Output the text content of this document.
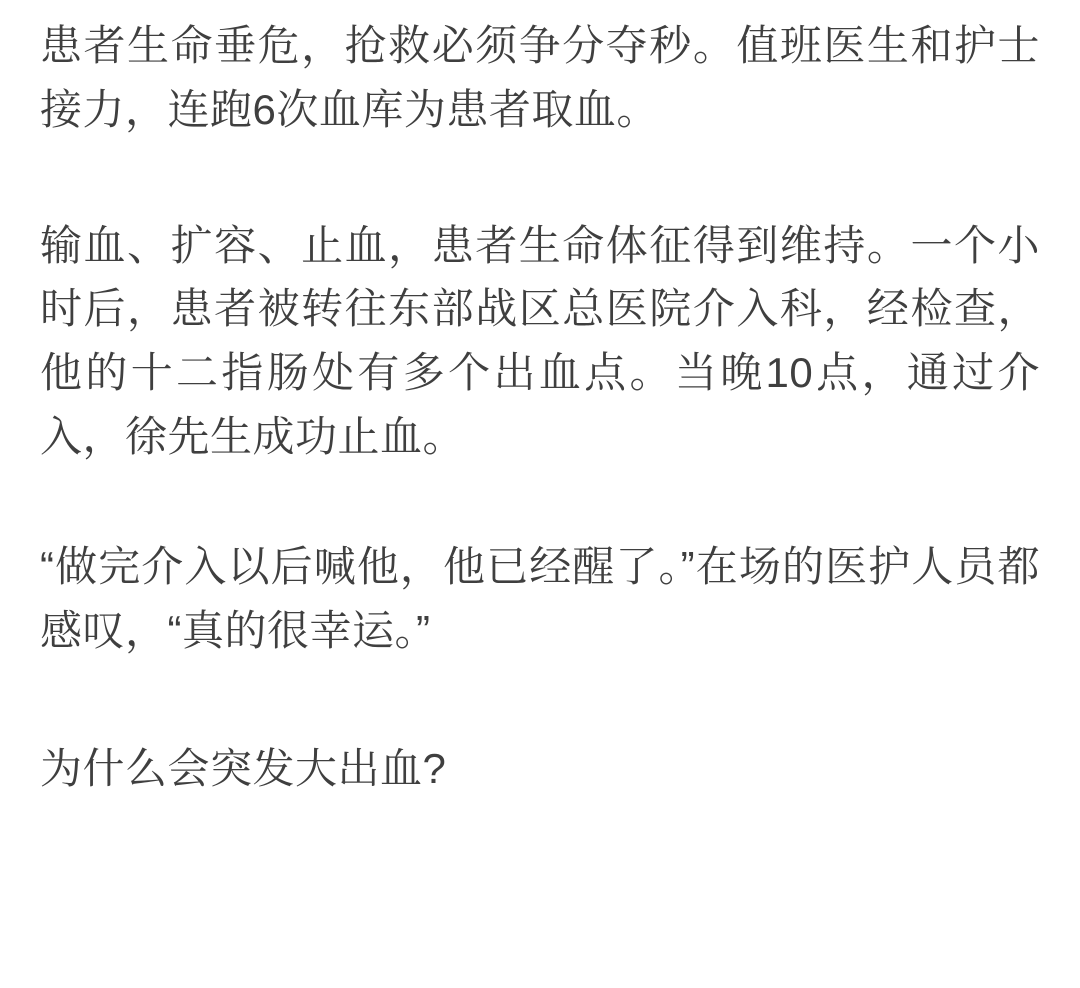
患者生命垂危，抢救必须争分夺秒。值班医生和护士接力，连跑6次血库为患者取血。

输血、扩容、止血，患者生命体征得到维持。一个小时后，患者被转往东部战区总医院介入科，经检查，他的十二指肠处有多个出血点。当晚10点，通过介入，徐先生成功止血。

“做完介入以后喊他，他已经醒了。”在场的医护人员都感叹，“真的很幸运。”

为什么会突发大出血?
